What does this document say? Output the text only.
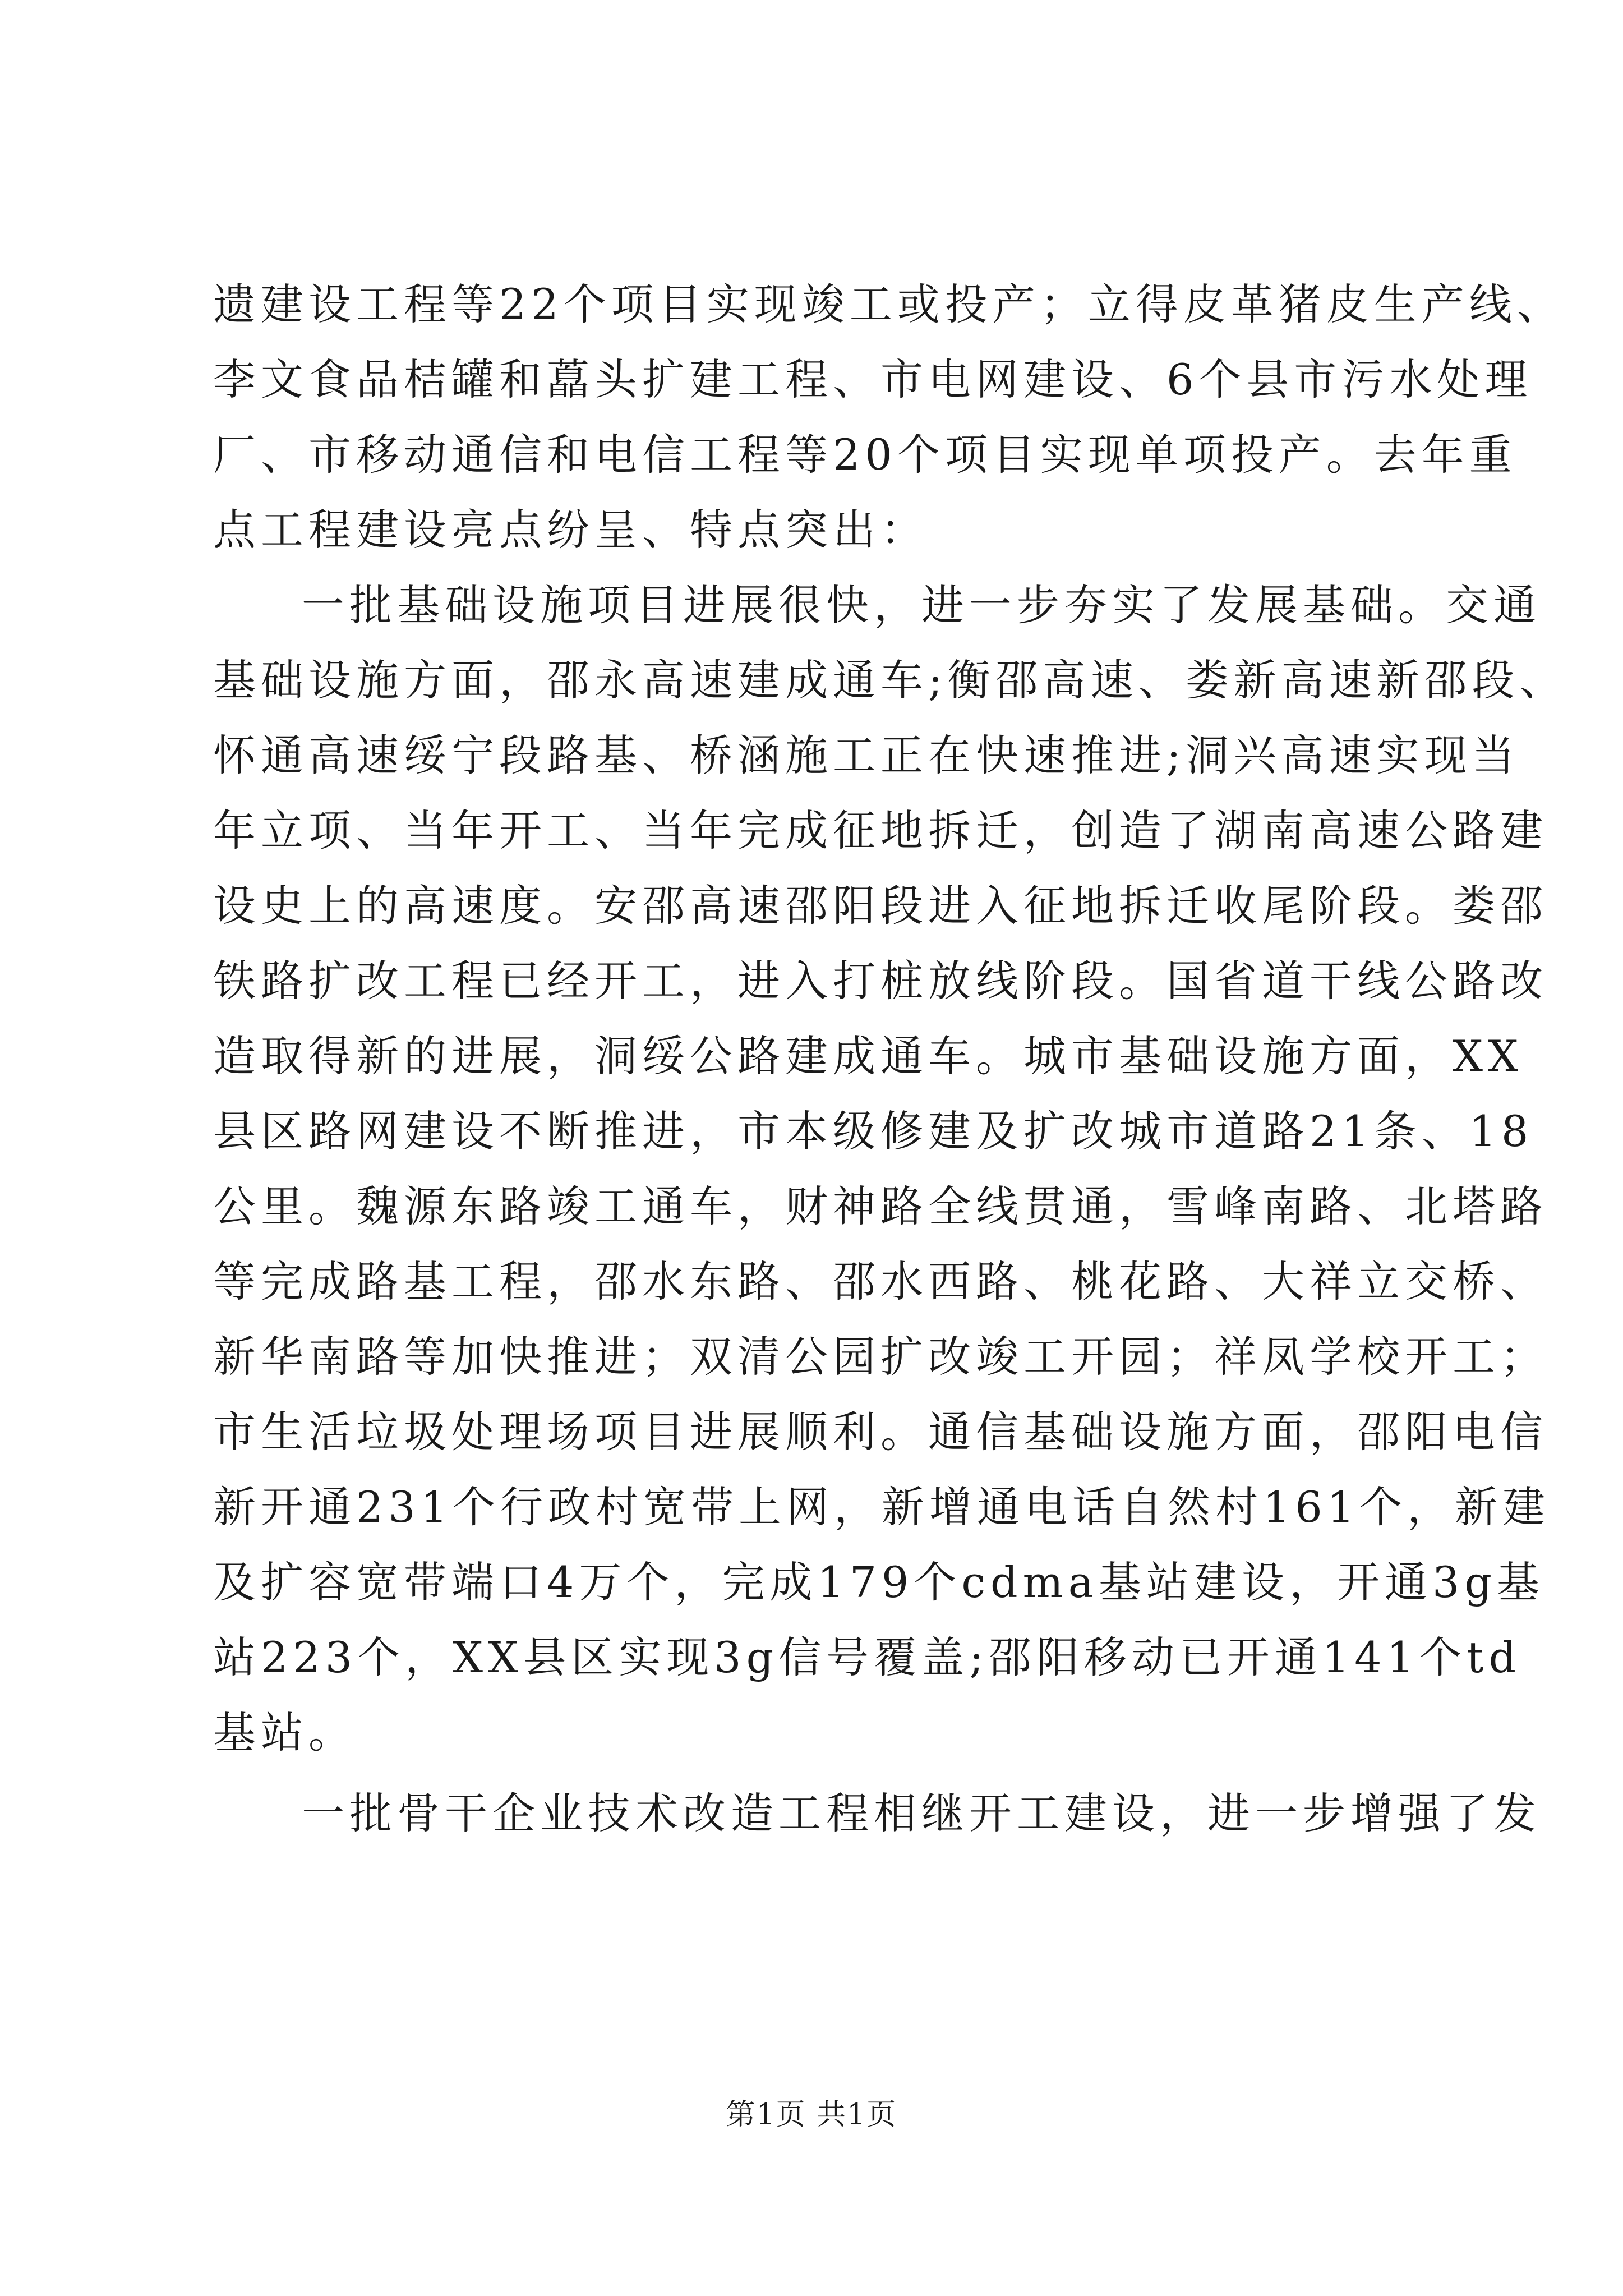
遗建设工程等22个项目实现竣工或投产；立得皮革猪皮生产线、
李文食品桔罐和藠头扩建工程、市电网建设、6个县市污水处理
厂、市移动通信和电信工程等20个项目实现单项投产。去年重
点工程建设亮点纷呈、特点突出：
一批基础设施项目进展很快，进一步夯实了发展基础。交通
基础设施方面，邵永高速建成通车;衡邵高速、娄新高速新邵段、
怀通高速绥宁段路基、桥涵施工正在快速推进;洞兴高速实现当
年立项、当年开工、当年完成征地拆迁，创造了湖南高速公路建
设史上的高速度。安邵高速邵阳段进入征地拆迁收尾阶段。娄邵
铁路扩改工程已经开工，进入打桩放线阶段。国省道干线公路改
造取得新的进展，洞绥公路建成通车。城市基础设施方面，XX
县区路网建设不断推进，市本级修建及扩改城市道路21条、18
公里。魏源东路竣工通车，财神路全线贯通，雪峰南路、北塔路
等完成路基工程，邵水东路、邵水西路、桃花路、大祥立交桥、
新华南路等加快推进；双清公园扩改竣工开园；祥凤学校开工；
市生活垃圾处理场项目进展顺利。通信基础设施方面，邵阳电信
新开通231个行政村宽带上网，新增通电话自然村161个，新建
及扩容宽带端口4万个，完成179个cdma基站建设，开通3g基
站223个，XX县区实现3g信号覆盖;邵阳移动已开通141个td
基站。
一批骨干企业技术改造工程相继开工建设，进一步增强了发
第1页 共1页
